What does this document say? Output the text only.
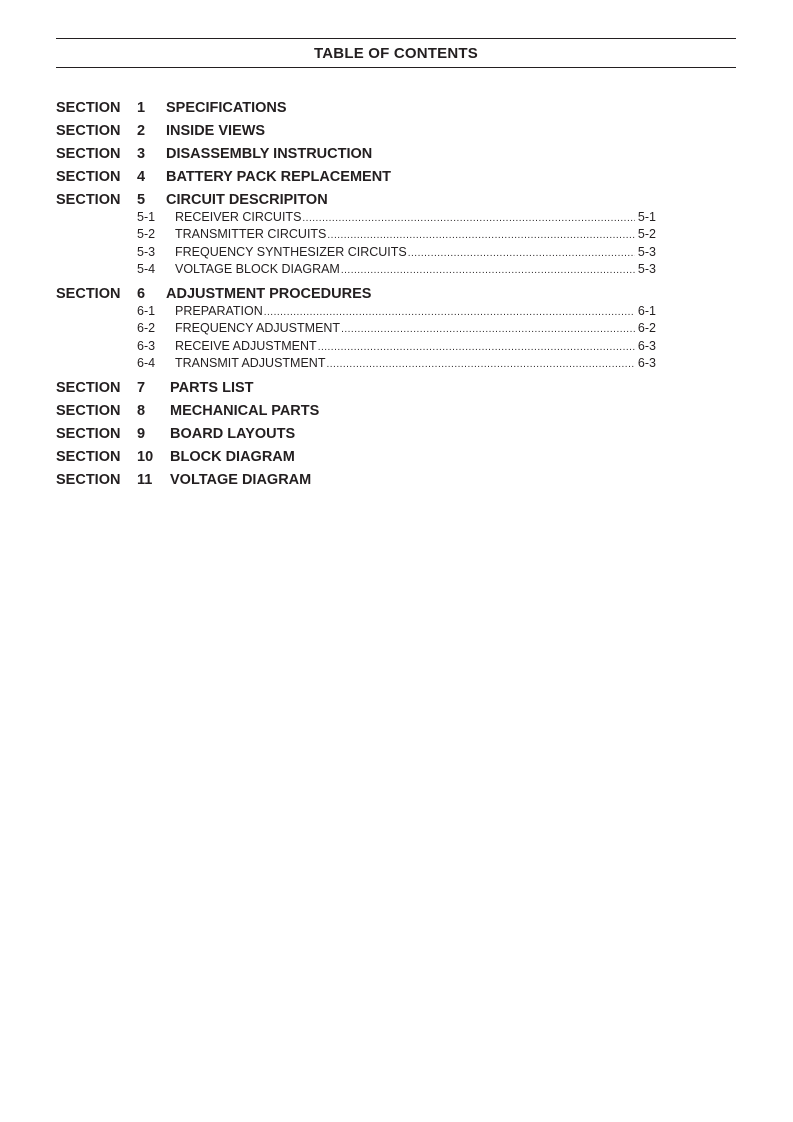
TABLE OF CONTENTS
SECTION 1 SPECIFICATIONS
SECTION 2 INSIDE VIEWS
SECTION 3 DISASSEMBLY INSTRUCTION
SECTION 4 BATTERY PACK REPLACEMENT
SECTION 5 CIRCUIT DESCRIPITON
5-1 RECEIVER CIRCUITS .....	5-1
5-2 TRANSMITTER CIRCUITS .....	5-2
5-3 FREQUENCY SYNTHESIZER CIRCUITS .....	5-3
5-4 VOLTAGE BLOCK DIAGRAM .....	5-3
SECTION 6 ADJUSTMENT PROCEDURES
6-1 PREPARATION .....	6-1
6-2 FREQUENCY ADJUSTMENT .....	6-2
6-3 RECEIVE ADJUSTMENT .....	6-3
6-4 TRANSMIT ADJUSTMENT .....	6-3
SECTION 7 PARTS LIST
SECTION 8 MECHANICAL PARTS
SECTION 9 BOARD LAYOUTS
SECTION 10 BLOCK DIAGRAM
SECTION 11 VOLTAGE DIAGRAM
